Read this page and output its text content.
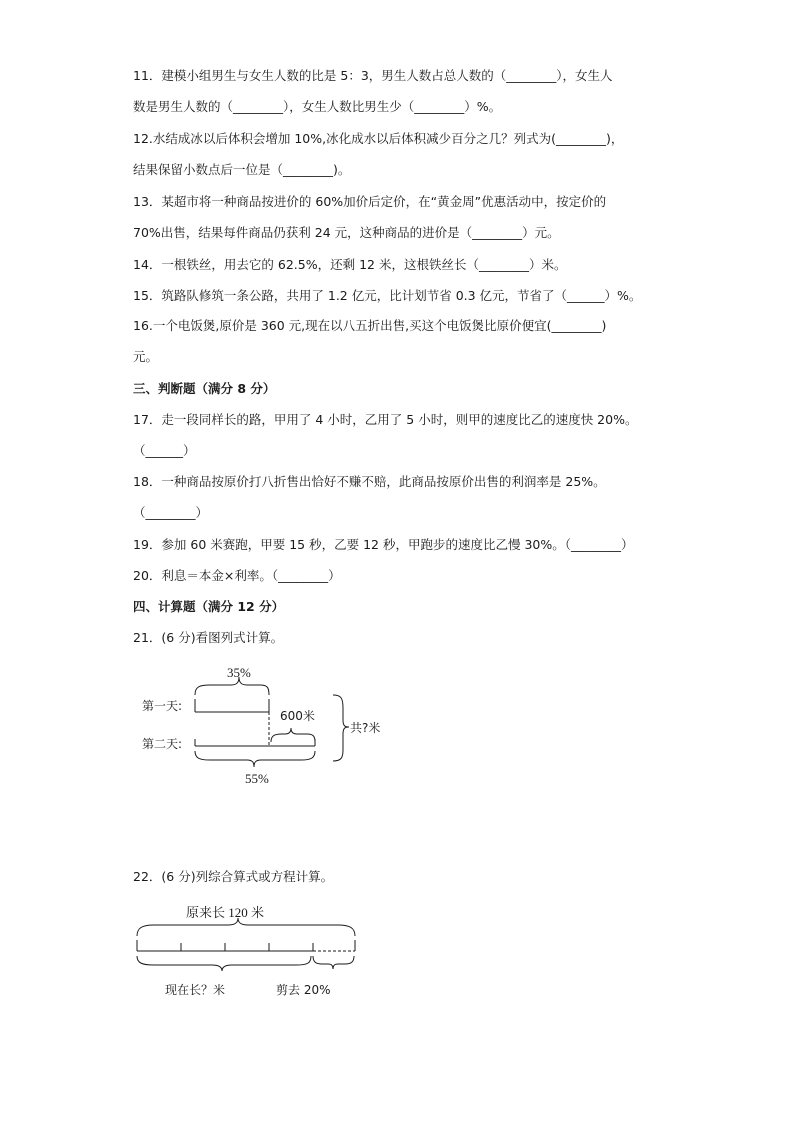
11．建模小组男生与女生人数的比是 5：3，男生人数占总人数的（________），女生人
数是男生人数的（________），女生人数比男生少（________）%。
12.水结成冰以后体积会增加 10%,冰化成水以后体积减少百分之几？列式为(________)，
结果保留小数点后一位是（________)。
13．某超市将一种商品按进价的 60%加价后定价，在“黄金周”优惠活动中，按定价的
70%出售，结果每件商品仍获利 24 元，这种商品的进价是（________）元。
14．一根铁丝，用去它的 62.5%，还剩 12 米，这根铁丝长（________）米。
15．筑路队修筑一条公路，共用了 1.2 亿元，比计划节省 0.3 亿元，节省了（______）%。
16.一个电饭煲,原价是 360 元,现在以八五折出售,买这个电饭煲比原价便宜(________)
元。
三、判断题（满分 8 分）
17．走一段同样长的路，甲用了 4 小时，乙用了 5 小时，则甲的速度比乙的速度快 20%。
（______）
18．一种商品按原价打八折售出恰好不赚不赔，此商品按原价出售的利润率是 25%。
（________）
19．参加 60 米赛跑，甲要 15 秒，乙要 12 秒，甲跑步的速度比乙慢 30%。（________）
20．利息＝本金×利率。（________）
四、计算题（满分 12 分）
21．(6 分)看图列式计算。
35%
第一天:
600米
第二天:
共?米
55%
22．(6 分)列综合算式或方程计算。
原来长 120 米
现在长？米	剪去 20%
